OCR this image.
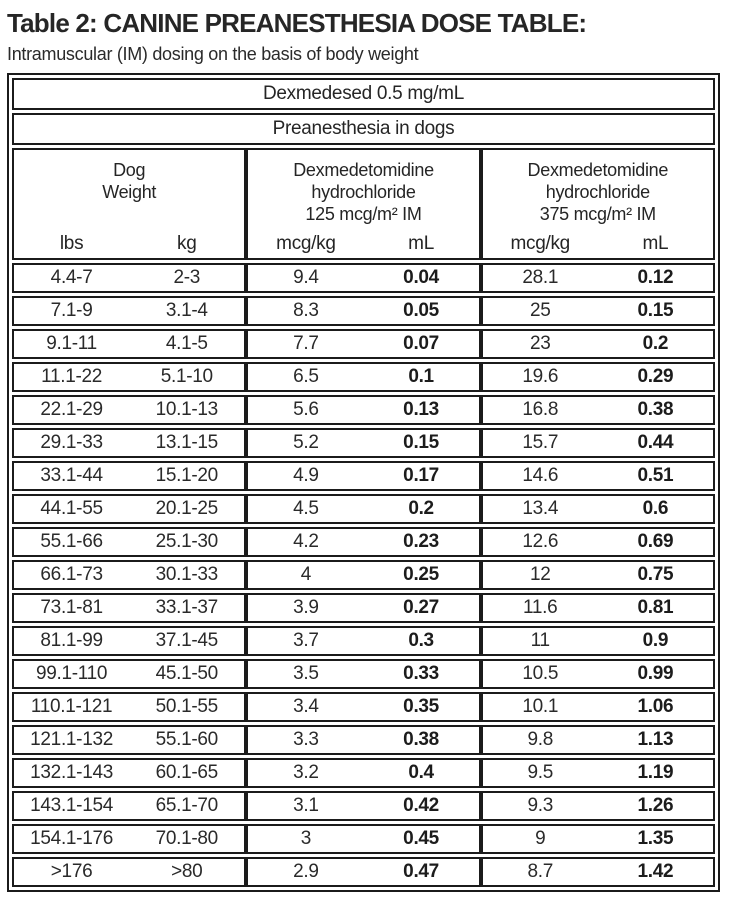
Table 2: CANINE PREANESTHESIA DOSE TABLE:
Intramuscular (IM) dosing on the basis of body weight
Dexmedesed 0.5 mg/mL
Preanesthesia in dogs
Dog
Weight
lbs	kg
Dexmedetomidine
hydrochloride
125 mcg/m² IM
mcg/kg	mL
Dexmedetomidine
hydrochloride
375 mcg/m² IM
mcg/kg	mL
4.4-7	2-3	9.4	0.04	28.1	0.12
7.1-9	3.1-4	8.3	0.05	25	0.15
9.1-11	4.1-5	7.7	0.07	23	0.2
11.1-22	5.1-10	6.5	0.1	19.6	0.29
22.1-29	10.1-13	5.6	0.13	16.8	0.38
29.1-33	13.1-15	5.2	0.15	15.7	0.44
33.1-44	15.1-20	4.9	0.17	14.6	0.51
44.1-55	20.1-25	4.5	0.2	13.4	0.6
55.1-66	25.1-30	4.2	0.23	12.6	0.69
66.1-73	30.1-33	4	0.25	12	0.75
73.1-81	33.1-37	3.9	0.27	11.6	0.81
81.1-99	37.1-45	3.7	0.3	11	0.9
99.1-110	45.1-50	3.5	0.33	10.5	0.99
110.1-121	50.1-55	3.4	0.35	10.1	1.06
121.1-132	55.1-60	3.3	0.38	9.8	1.13
132.1-143	60.1-65	3.2	0.4	9.5	1.19
143.1-154	65.1-70	3.1	0.42	9.3	1.26
154.1-176	70.1-80	3	0.45	9	1.35
>176	>80	2.9	0.47	8.7	1.42
